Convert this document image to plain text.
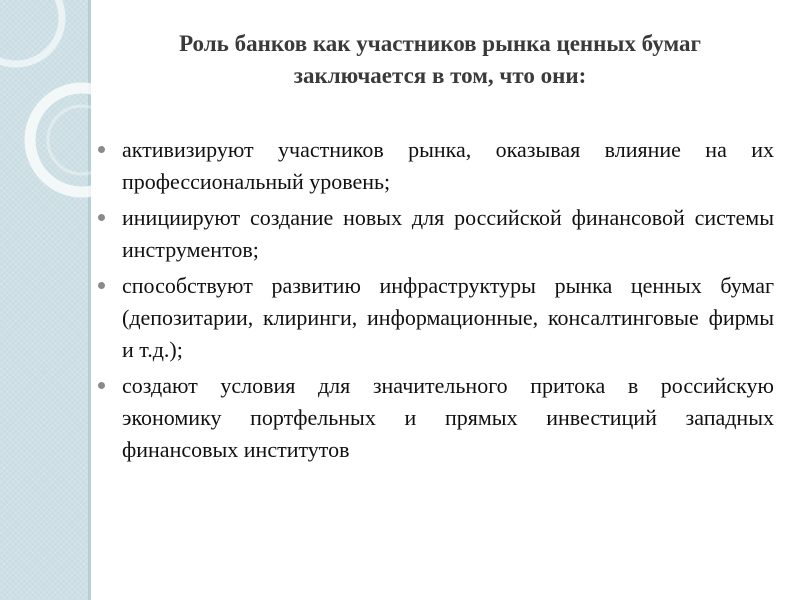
Роль банков как участников рынка ценных бумаг
заключается в том, что они:
активизируют участников рынка, оказывая влияние на их профессиональный уровень;
инициируют создание новых для российской финансовой системы инструментов;
способствуют развитию инфраструктуры рынка ценных бумаг (депозитарии, клиринги, информационные, консалтинговые фирмы и т.д.);
создают условия для значительного притока в российскую экономику портфельных и прямых инвестиций западных финансовых институтов
